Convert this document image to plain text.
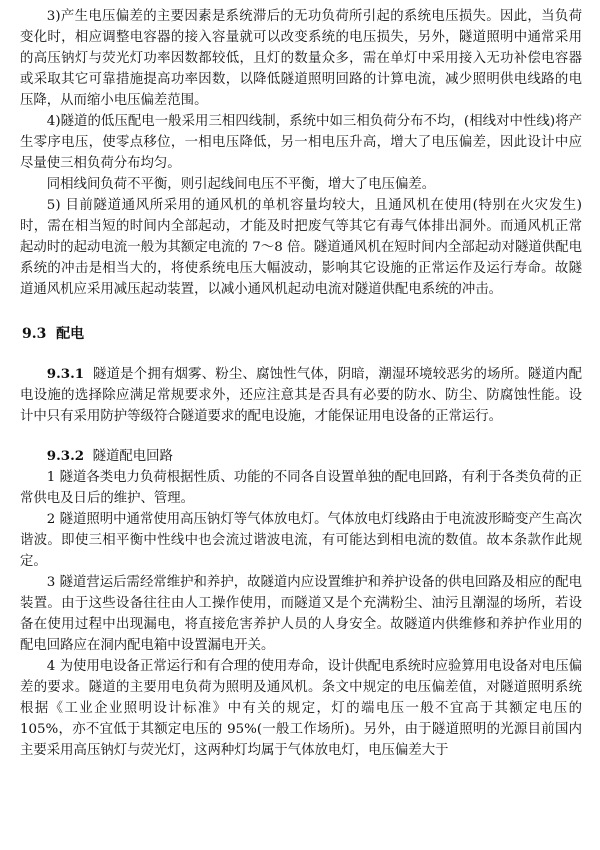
3)产生电压偏差的主要因素是系统滞后的无功负荷所引起的系统电压损失。因此，当负荷变化时，相应调整电容器的接入容量就可以改变系统的电压损失，另外，隧道照明中通常采用的高压钠灯与荧光灯功率因数都较低，且灯的数量众多，需在单灯中采用接入无功补偿电容器或采取其它可靠措施提高功率因数，以降低隧道照明回路的计算电流，减少照明供电线路的电压降，从而缩小电压偏差范围。

4)隧道的低压配电一般采用三相四线制，系统中如三相负荷分布不均，(相线对中性线)将产生零序电压，使零点移位，一相电压降低，另一相电压升高，增大了电压偏差，因此设计中应尽量使三相负荷分布均匀。

同相线间负荷不平衡，则引起线间电压不平衡，增大了电压偏差。

5) 目前隧道通风所采用的通风机的单机容量均较大，且通风机在使用(特别在火灾发生)时，需在相当短的时间内全部起动，才能及时把废气等其它有毒气体排出洞外。而通风机正常起动时的起动电流一般为其额定电流的 7～8 倍。隧道通风机在短时间内全部起动对隧道供配电系统的冲击是相当大的，将使系统电压大幅波动，影响其它设施的正常运作及运行寿命。故隧道通风机应采用减压起动装置，以减小通风机起动电流对隧道供配电系统的冲击。

9.3 配电

9.3.1 隧道是个拥有烟雾、粉尘、腐蚀性气体，阴暗，潮湿环境较恶劣的场所。隧道内配电设施的选择除应满足常规要求外，还应注意其是否具有必要的防水、防尘、防腐蚀性能。设计中只有采用防护等级符合隧道要求的配电设施，才能保证用电设备的正常运行。

9.3.2 隧道配电回路

1 隧道各类电力负荷根据性质、功能的不同各自设置单独的配电回路，有利于各类负荷的正常供电及日后的维护、管理。

2 隧道照明中通常使用高压钠灯等气体放电灯。气体放电灯线路由于电流波形畸变产生高次谐波。即使三相平衡中性线中也会流过谐波电流，有可能达到相电流的数值。故本条款作此规定。

3 隧道营运后需经常维护和养护，故隧道内应设置维护和养护设备的供电回路及相应的配电装置。由于这些设备往往由人工操作使用，而隧道又是个充满粉尘、油污且潮湿的场所，若设备在使用过程中出现漏电，将直接危害养护人员的人身安全。故隧道内供维修和养护作业用的配电回路应在洞内配电箱中设置漏电开关。

4 为使用电设备正常运行和有合理的使用寿命，设计供配电系统时应验算用电设备对电压偏差的要求。隧道的主要用电负荷为照明及通风机。条文中规定的电压偏差值，对隧道照明系统根据《工业企业照明设计标准》中有关的规定，灯的端电压一般不宜高于其额定电压的 105%，亦不宜低于其额定电压的 95%(一般工作场所)。另外，由于隧道照明的光源目前国内主要采用高压钠灯与荧光灯，这两种灯均属于气体放电灯，电压偏差大于
